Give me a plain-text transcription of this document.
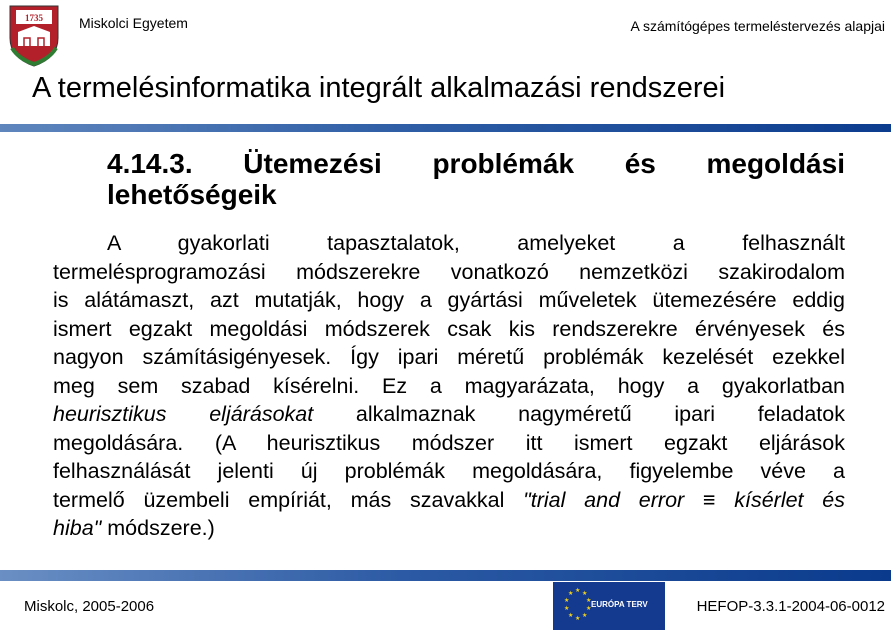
1735	Miskolci Egyetem	A számítógépes termeléstervezés alapjai
A termelésinformatika integrált alkalmazási rendszerei
4.14.3. Ütemezési problémák és megoldási
lehetőségeik
A gyakorlati tapasztalatok, amelyeket a felhasznált
termelésprogramozási módszerekre vonatkozó nemzetközi szakirodalom
is alátámaszt, azt mutatják, hogy a gyártási műveletek ütemezésére eddig
ismert egzakt megoldási módszerek csak kis rendszerekre érvényesek és
nagyon számításigényesek. Így ipari méretű problémák kezelését ezekkel
meg sem szabad kísérelni. Ez a magyarázata, hogy a gyakorlatban
heurisztikus eljárásokat alkalmaznak nagyméretű ipari feladatok
megoldására. (A heurisztikus módszer itt ismert egzakt eljárások
felhasználását jelenti új problémák megoldására, figyelembe véve a
termelő üzembeli empíriát, más szavakkal "trial and error ≡ kísérlet és
hiba" módszere.)
Miskolc, 2005-2006
★ ★
★
★
★
★
★
★
★
★
EURÓPA TERV	HEFOP-3.3.1-2004-06-0012
